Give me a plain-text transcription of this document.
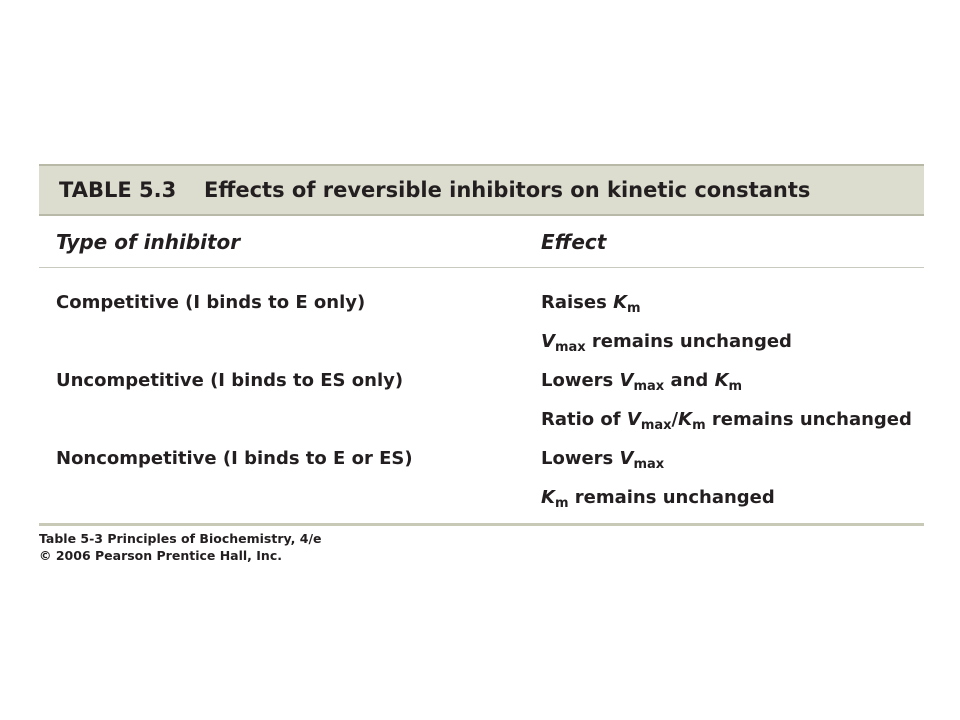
TABLE 5.3	Effects of reversible inhibitors on kinetic constants
Type of inhibitor	Effect
Competitive (I binds to E only)	Raises $K_m$
$V_{max}$ remains unchanged
Uncompetitive (I binds to ES only)	Lowers $V_{max}$ and $K_m$
Ratio of $V_{max}/K_m$ remains unchanged
Noncompetitive (I binds to E or ES)	Lowers $V_{max}$
$K_m$ remains unchanged
Table 5-3 Principles of Biochemistry, 4/e
© 2006 Pearson Prentice Hall, Inc.
